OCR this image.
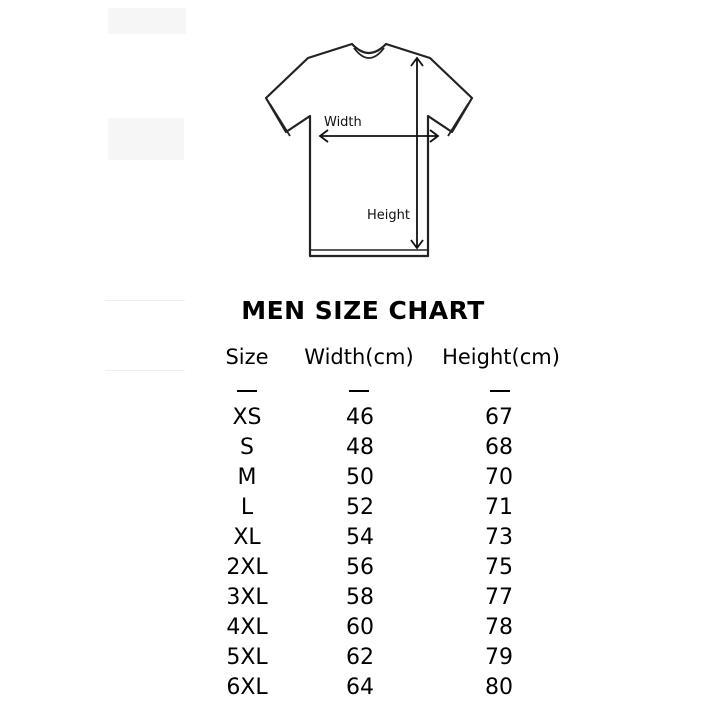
Width
Height
MEN SIZE CHART
Size	Width(cm)	Height(cm)
XS	46	67
S	48	68
M	50	70
L	52	71
XL	54	73
2XL	56	75
3XL	58	77
4XL	60	78
5XL	62	79
6XL	64	80
